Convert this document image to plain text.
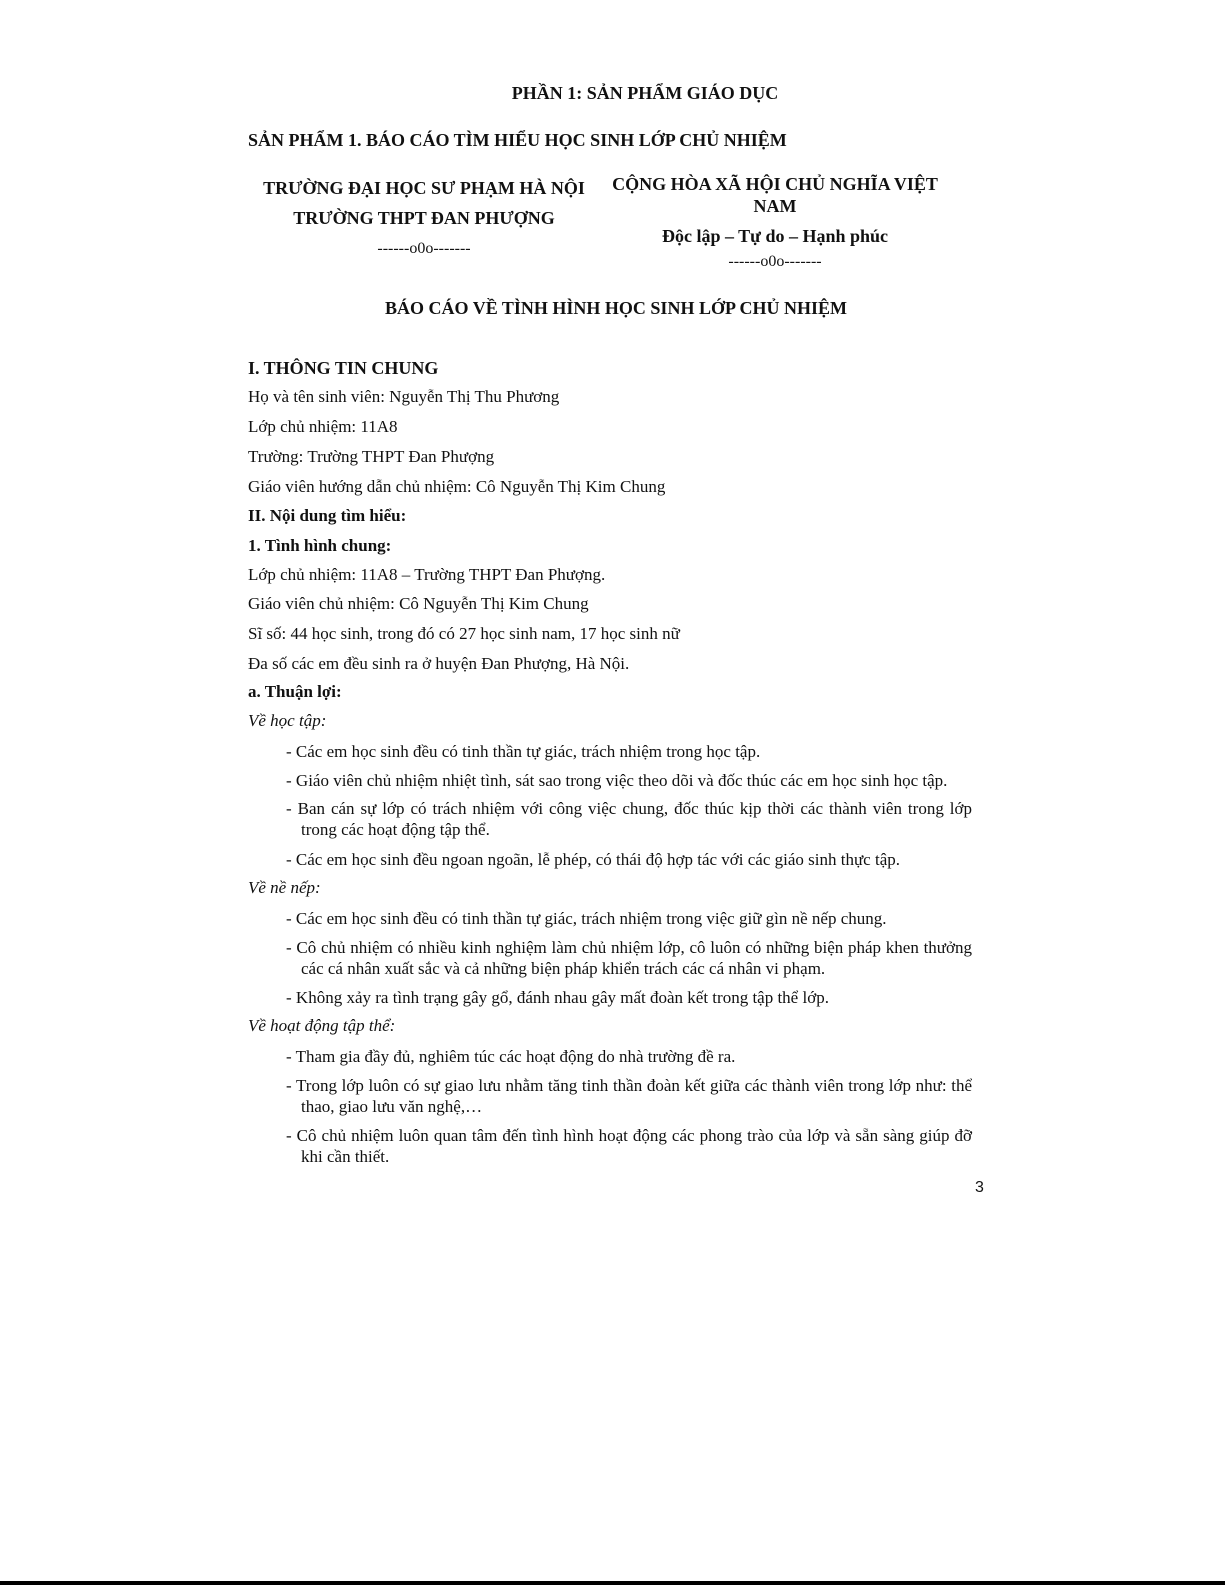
PHẦN 1: SẢN PHẨM GIÁO DỤC
SẢN PHẨM 1. BÁO CÁO TÌM HIỂU HỌC SINH LỚP CHỦ NHIỆM
TRƯỜNG ĐẠI HỌC SƯ PHẠM HÀ NỘI
TRƯỜNG THPT ĐAN PHƯỢNG
------o0o-------
CỘNG HÒA XÃ HỘI CHỦ NGHĨA VIỆT
NAM
Độc lập – Tự do – Hạnh phúc
------o0o-------
BÁO CÁO VỀ TÌNH HÌNH HỌC SINH LỚP CHỦ NHIỆM
I. THÔNG TIN CHUNG
Họ và tên sinh viên: Nguyễn Thị Thu Phương
Lớp chủ nhiệm: 11A8
Trường: Trường THPT Đan Phượng
Giáo viên hướng dẫn chủ nhiệm: Cô Nguyễn Thị Kim Chung
II. Nội dung tìm hiểu:
1. Tình hình chung:
Lớp chủ nhiệm: 11A8 – Trường THPT Đan Phượng.
Giáo viên chủ nhiệm: Cô Nguyễn Thị Kim Chung
Sĩ số: 44 học sinh, trong đó có 27 học sinh nam, 17 học sinh nữ
Đa số các em đều sinh ra ở huyện Đan Phượng, Hà Nội.
a. Thuận lợi:
Về học tập:
- Các em học sinh đều có tinh thần tự giác, trách nhiệm trong học tập.
- Giáo viên chủ nhiệm nhiệt tình, sát sao trong việc theo dõi và đốc thúc các em học sinh học tập.
- Ban cán sự lớp có trách nhiệm với công việc chung, đốc thúc kịp thời các thành viên trong lớp trong các hoạt động tập thể.
- Các em học sinh đều ngoan ngoãn, lễ phép, có thái độ hợp tác với các giáo sinh thực tập.
Về nề nếp:
- Các em học sinh đều có tinh thần tự giác, trách nhiệm trong việc giữ gìn nề nếp chung.
- Cô chủ nhiệm có nhiều kinh nghiệm làm chủ nhiệm lớp, cô luôn có những biện pháp khen thưởng các cá nhân xuất sắc và cả những biện pháp khiển trách các cá nhân vi phạm.
- Không xảy ra tình trạng gây gổ, đánh nhau gây mất đoàn kết trong tập thể lớp.
Về hoạt động tập thể:
- Tham gia đầy đủ, nghiêm túc các hoạt động do nhà trường đề ra.
- Trong lớp luôn có sự giao lưu nhằm tăng tinh thần đoàn kết giữa các thành viên trong lớp như: thể thao, giao lưu văn nghệ,…
- Cô chủ nhiệm luôn quan tâm đến tình hình hoạt động các phong trào của lớp và sẵn sàng giúp đỡ khi cần thiết.
3
